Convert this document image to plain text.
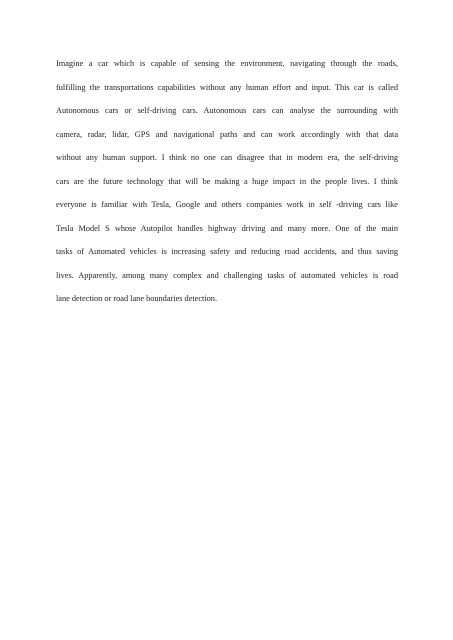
Imagine a car which is capable of sensing the environment, navigating through the roads,
fulfilling the transportations capabilities without any human effort and input. This car is called
Autonomous cars or self-driving cars. Autonomous cars can analyse the surrounding with
camera, radar, lidar, GPS and navigational paths and can work accordingly with that data
without any human support. I think no one can disagree that in modern era, the self-driving
cars are the future technology that will be making a huge impact in the people lives. I think
everyone is familiar with Tesla, Google and others companies work in self -driving cars like
Tesla Model S whose Autopilot handles highway driving and many more. One of the main
tasks of Automated vehicles is increasing safety and reducing road accidents, and thus saving
lives. Apparently, among many complex and challenging tasks of automated vehicles is road
lane detection or road lane boundaries detection.
